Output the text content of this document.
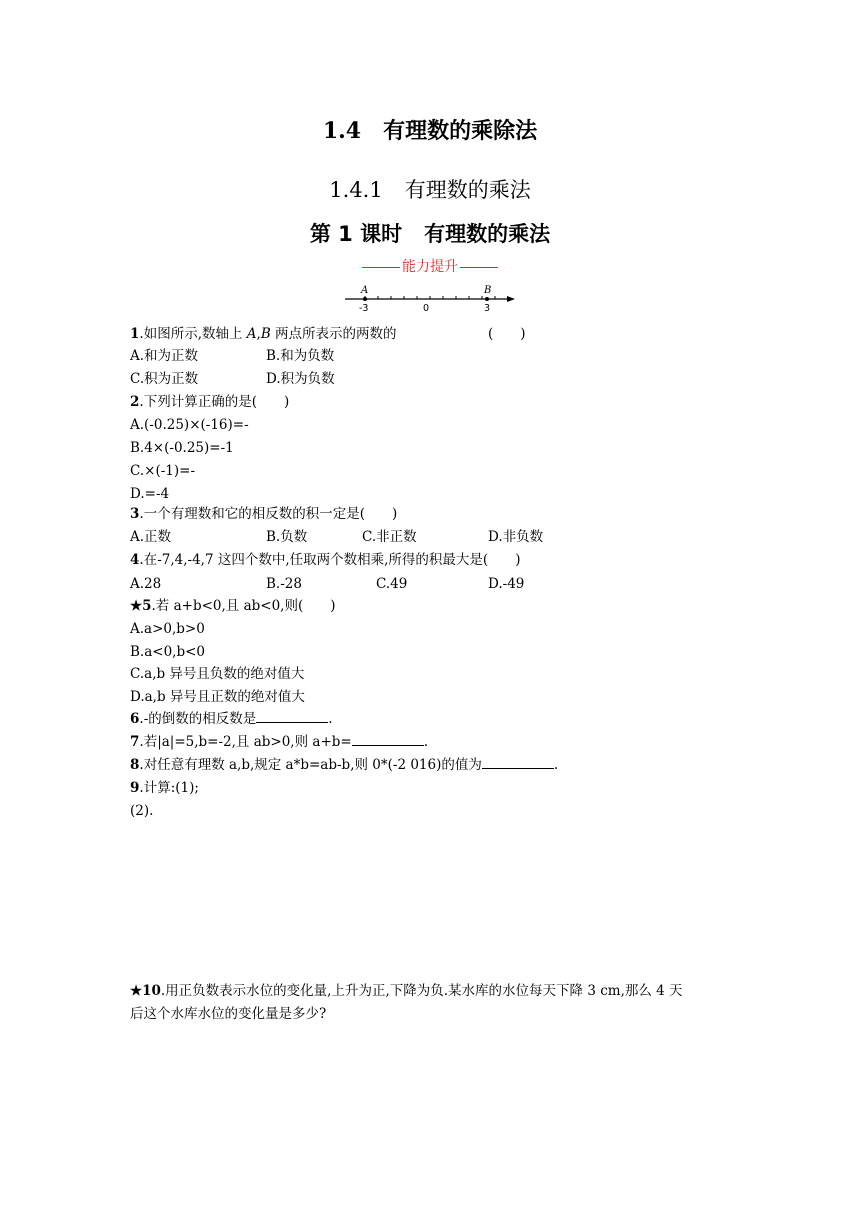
1.4 有理数的乘除法
1.4.1 有理数的乘法
第 1 课时 有理数的乘法
能力提升
A	B
-3	0	3
1.如图所示,数轴上 A,B 两点所表示的两数的	(　　)
A.和为正数	B.和为负数
C.积为正数	D.积为负数
2.下列计算正确的是(　　)
A.(-0.25)×(-16)=-
B.4×(-0.25)=-1
C.×(-1)=-
D.=-4
3.一个有理数和它的相反数的积一定是(　　)
A.正数	B.负数	C.非正数	D.非负数
4.在-7,4,-4,7 这四个数中,任取两个数相乘,所得的积最大是(　　)
A.28	B.-28	C.49	D.-49
★5.若 a+b<0,且 ab<0,则(　　)
A.a>0,b>0
B.a<0,b<0
C.a,b 异号且负数的绝对值大
D.a,b 异号且正数的绝对值大
6.-的倒数的相反数是	.
7.若|a|=5,b=-2,且 ab>0,则 a+b=	.
8.对任意有理数 a,b,规定 a*b=ab-b,则 0*(-2 016)的值为	.
9.计算:(1);
(2).
★10.用正负数表示水位的变化量,上升为正,下降为负.某水库的水位每天下降 3 cm,那么 4 天
后这个水库水位的变化量是多少?
